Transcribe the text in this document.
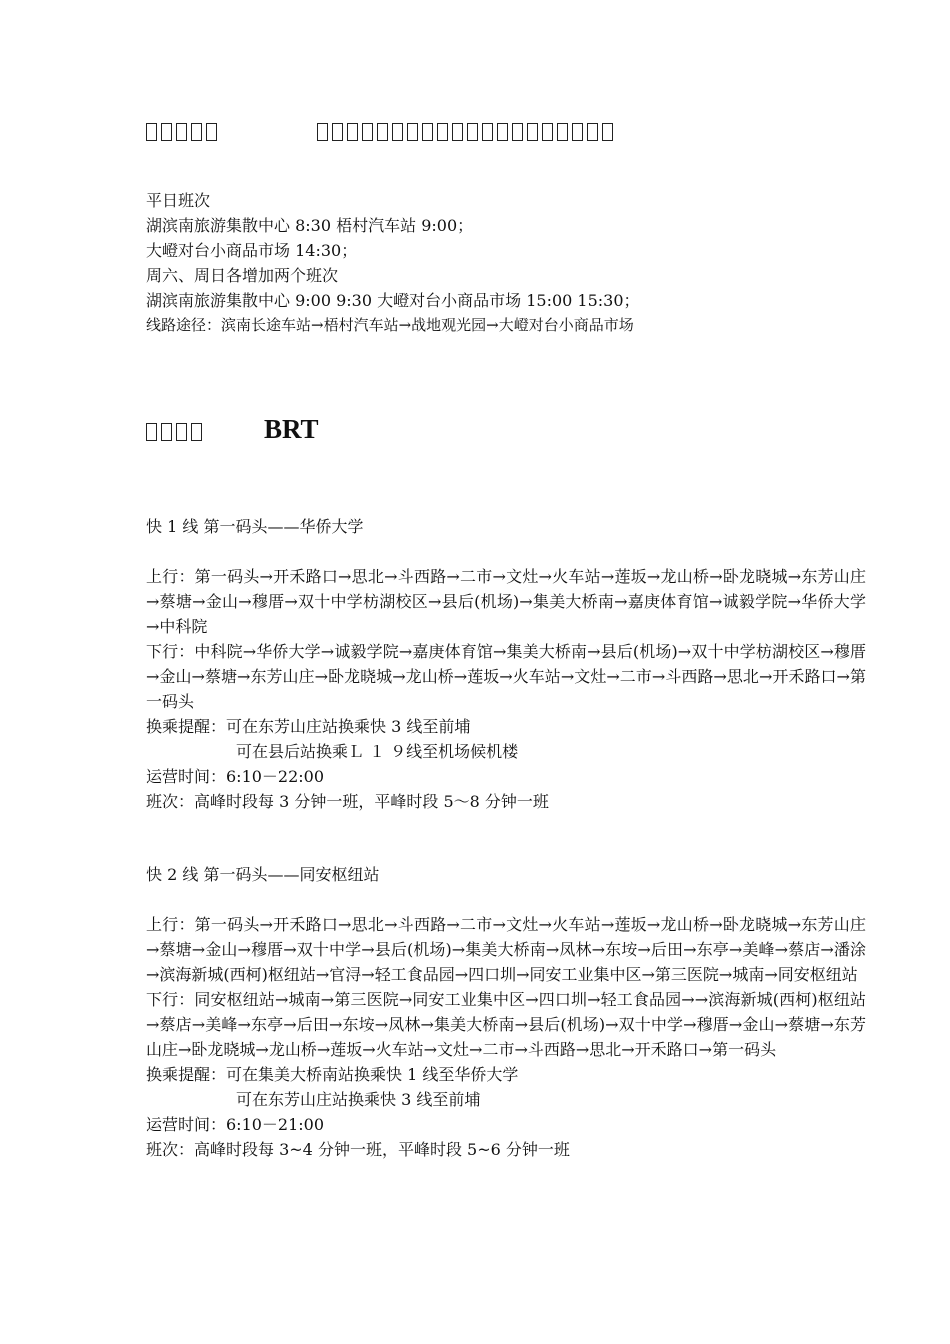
平日班次
湖滨南旅游集散中心 8:30 梧村汽车站 9:00；
大嶝对台小商品市场 14:30；
周六、周日各增加两个班次
湖滨南旅游集散中心 9:00 9:30 大嶝对台小商品市场 15:00 15:30；
线路途径：滨南长途车站→梧村汽车站→战地观光园→大嶝对台小商品市场
BRT
快 1 线 第一码头——华侨大学
上行：第一码头→开禾路口→思北→斗西路→二市→文灶→火车站→莲坂→龙山桥→卧龙晓城→东芳山庄→蔡塘→金山→穆厝→双十中学枋湖校区→县后(机场)→集美大桥南→嘉庚体育馆→诚毅学院→华侨大学→中科院
下行：中科院→华侨大学→诚毅学院→嘉庚体育馆→集美大桥南→县后(机场)→双十中学枋湖校区→穆厝→金山→蔡塘→东芳山庄→卧龙晓城→龙山桥→莲坂→火车站→文灶→二市→斗西路→思北→开禾路口→第一码头
换乘提醒：可在东芳山庄站换乘快 3 线至前埔
可在县后站换乘Ｌ １ ９线至机场候机楼
运营时间：6:10－22:00
班次：高峰时段每 3 分钟一班，平峰时段 5～8 分钟一班
快 2 线 第一码头——同安枢纽站
上行：第一码头→开禾路口→思北→斗西路→二市→文灶→火车站→莲坂→龙山桥→卧龙晓城→东芳山庄→蔡塘→金山→穆厝→双十中学→县后(机场)→集美大桥南→凤林→东垵→后田→东亭→美峰→蔡店→潘涂→滨海新城(西柯)枢纽站→官浔→轻工食品园→四口圳→同安工业集中区→第三医院→城南→同安枢纽站
下行：同安枢纽站→城南→第三医院→同安工业集中区→四口圳→轻工食品园→→滨海新城(西柯)枢纽站→蔡店→美峰→东亭→后田→东垵→凤林→集美大桥南→县后(机场)→双十中学→穆厝→金山→蔡塘→东芳山庄→卧龙晓城→龙山桥→莲坂→火车站→文灶→二市→斗西路→思北→开禾路口→第一码头
换乘提醒：可在集美大桥南站换乘快 1 线至华侨大学
可在东芳山庄站换乘快 3 线至前埔
运营时间：6:10－21:00
班次：高峰时段每 3~4 分钟一班，平峰时段 5~6 分钟一班
